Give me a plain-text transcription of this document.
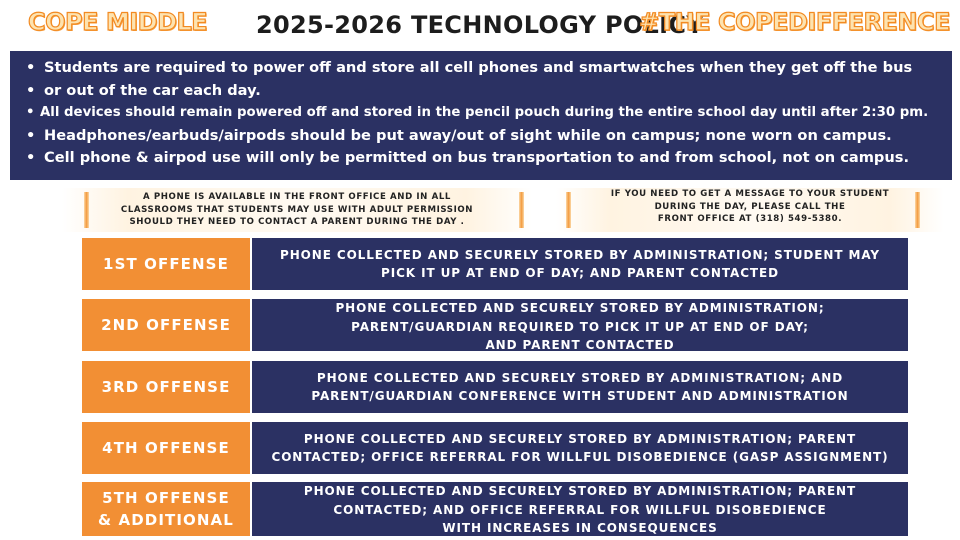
COPE MIDDLE	2025-2026 TECHNOLOGY POLICY
#THE COPEDIFFERENCE
• Students are required to power off and store all cell phones and smartwatches when they get off the bus
• or out of the car each day.
• All devices should remain powered off and stored in the pencil pouch during the entire school day until after 2:30 pm.
• Headphones/earbuds/airpods should be put away/out of sight while on campus; none worn on campus.
• Cell phone & airpod use will only be permitted on bus transportation to and from school, not on campus.
A PHONE IS AVAILABLE IN THE FRONT OFFICE AND IN ALL
CLASSROOMS THAT STUDENTS MAY USE WITH ADULT PERMISSION
SHOULD THEY NEED TO CONTACT A PARENT DURING THE DAY .
IF YOU NEED TO GET A MESSAGE TO YOUR STUDENT
DURING THE DAY, PLEASE CALL THE
FRONT OFFICE AT (318) 549-5380.
1ST OFFENSE	PHONE COLLECTED AND SECURELY STORED BY ADMINISTRATION; STUDENT MAY
PICK IT UP AT END OF DAY; AND PARENT CONTACTED
2ND OFFENSE
PHONE COLLECTED AND SECURELY STORED BY ADMINISTRATION;
PARENT/GUARDIAN REQUIRED TO PICK IT UP AT END OF DAY;
AND PARENT CONTACTED
3RD OFFENSE	PHONE COLLECTED AND SECURELY STORED BY ADMINISTRATION; AND
PARENT/GUARDIAN CONFERENCE WITH STUDENT AND ADMINISTRATION
4TH OFFENSE	PHONE COLLECTED AND SECURELY STORED BY ADMINISTRATION; PARENT
CONTACTED; OFFICE REFERRAL FOR WILLFUL DISOBEDIENCE (GASP ASSIGNMENT)
5TH OFFENSE
& ADDITIONAL
PHONE COLLECTED AND SECURELY STORED BY ADMINISTRATION; PARENT
CONTACTED; AND OFFICE REFERRAL FOR WILLFUL DISOBEDIENCE
WITH INCREASES IN CONSEQUENCES
